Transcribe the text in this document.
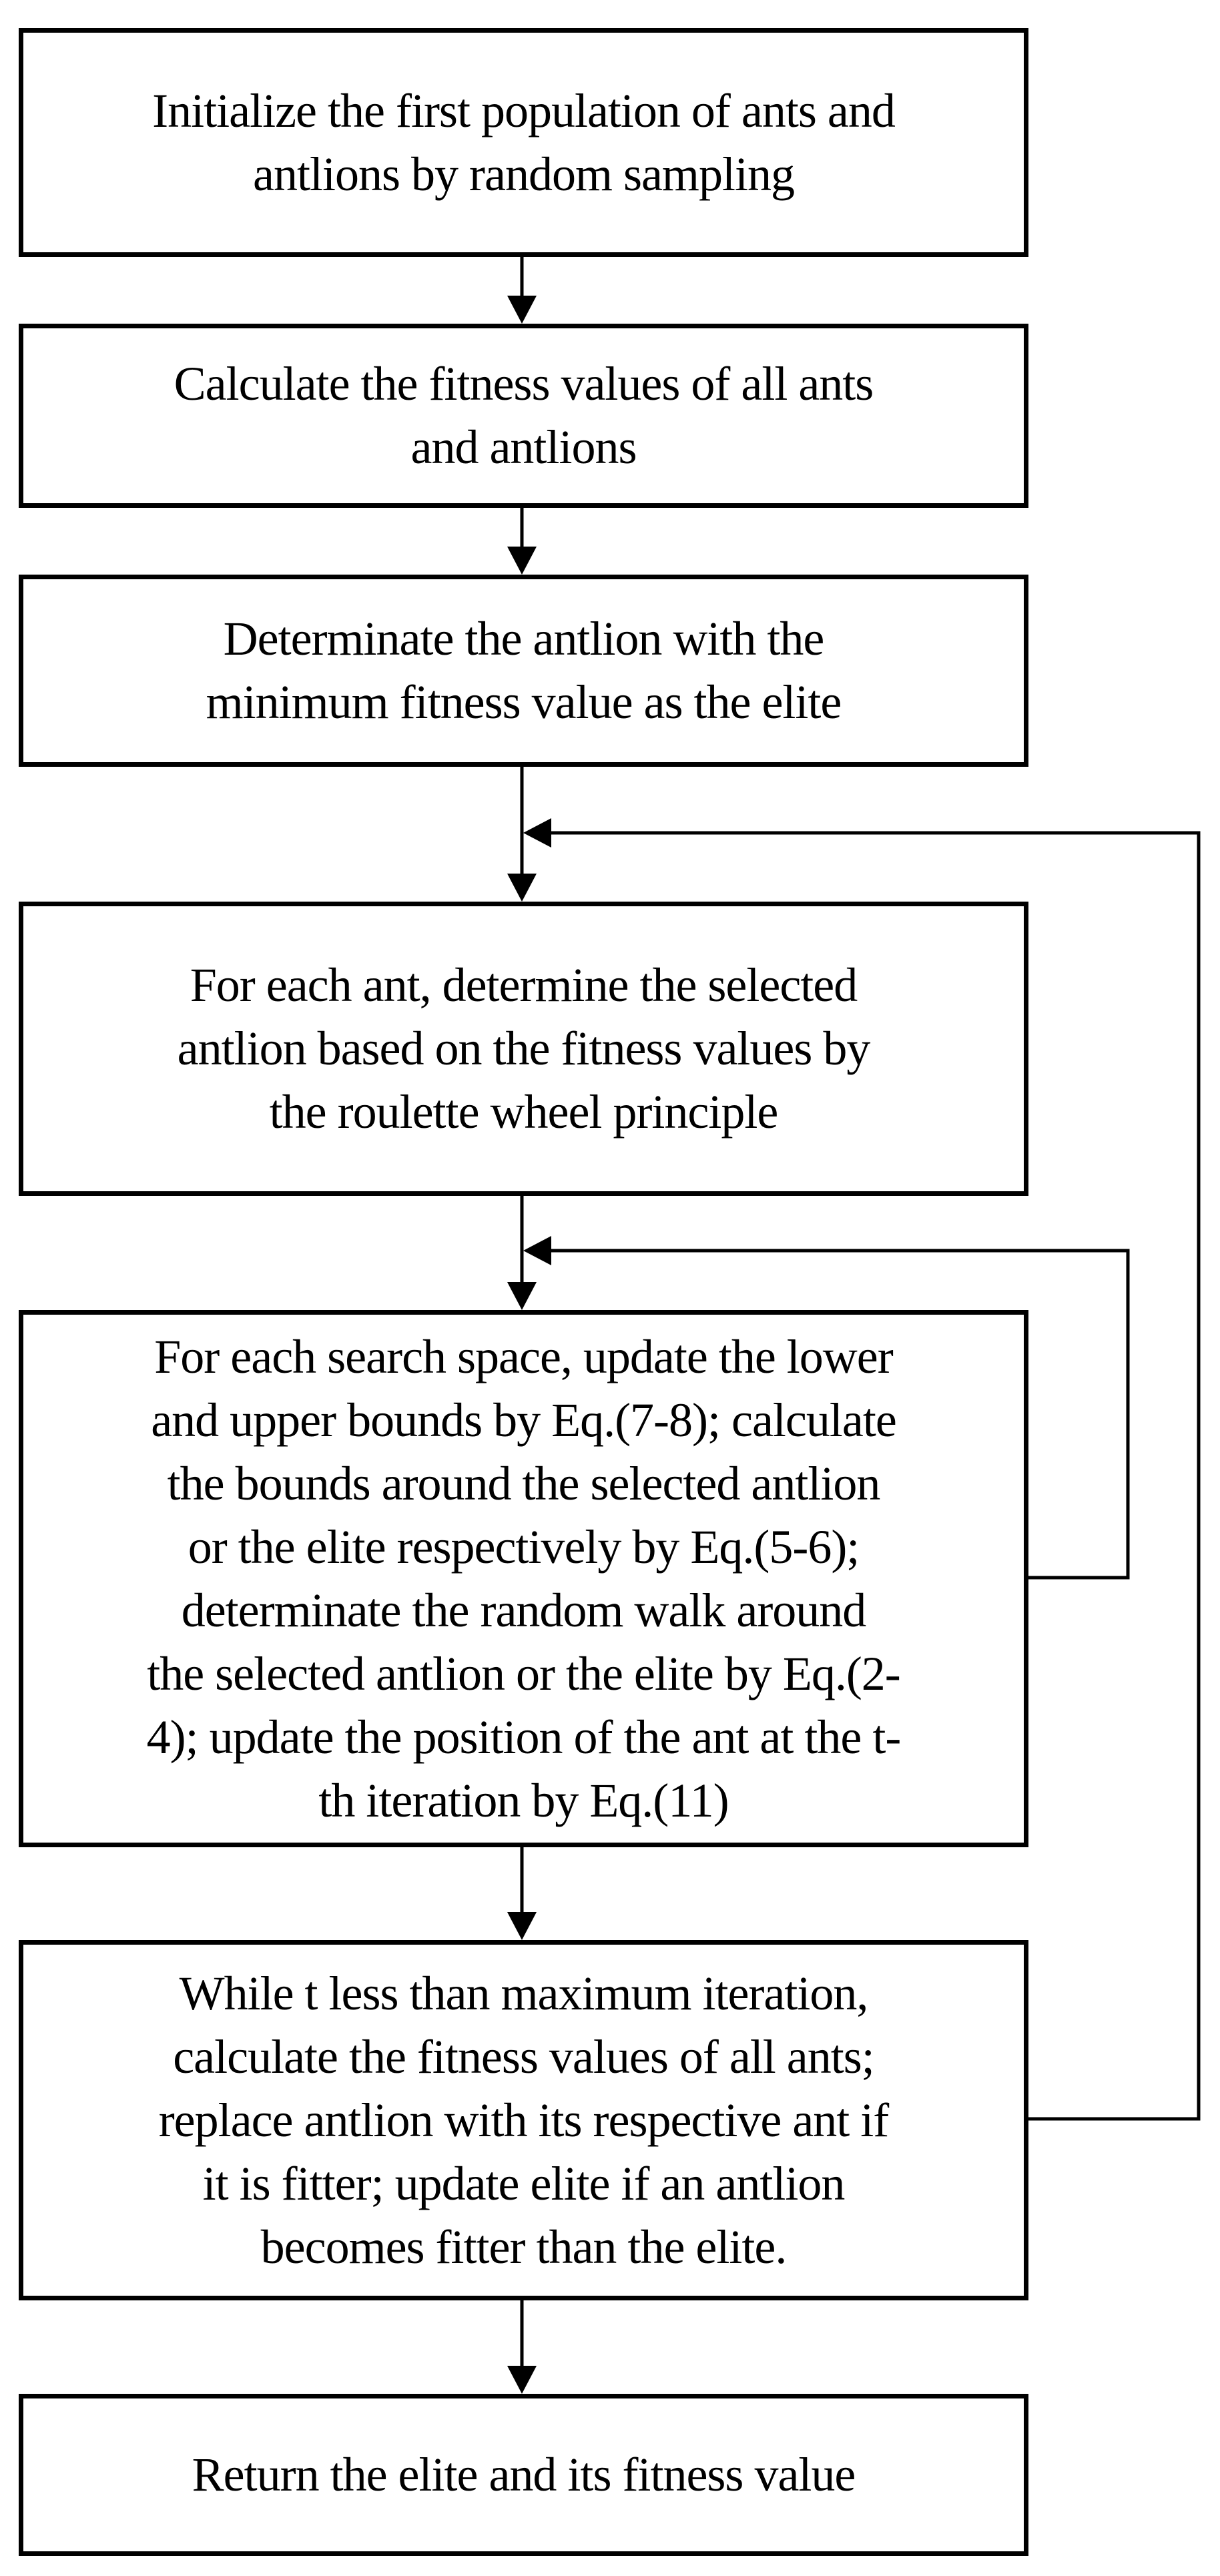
Initialize the first population of ants and
antlions by random sampling
Calculate the fitness values of all ants
and antlions
Determinate the antlion with the
minimum fitness value as the elite
For each ant, determine the selected
antlion based on the fitness values by
the roulette wheel principle
For each search space, update the lower
and upper bounds by Eq.(7-8); calculate
the bounds around the selected antlion
or the elite respectively by Eq.(5-6);
determinate the random walk around
the selected antlion or the elite by Eq.(2-
4); update the position of the ant at the t-
th iteration by Eq.(11)
While t less than maximum iteration,
calculate the fitness values of all ants;
replace antlion with its respective ant if
it is fitter; update elite if an antlion
becomes fitter than the elite.
Return the elite and its fitness value
